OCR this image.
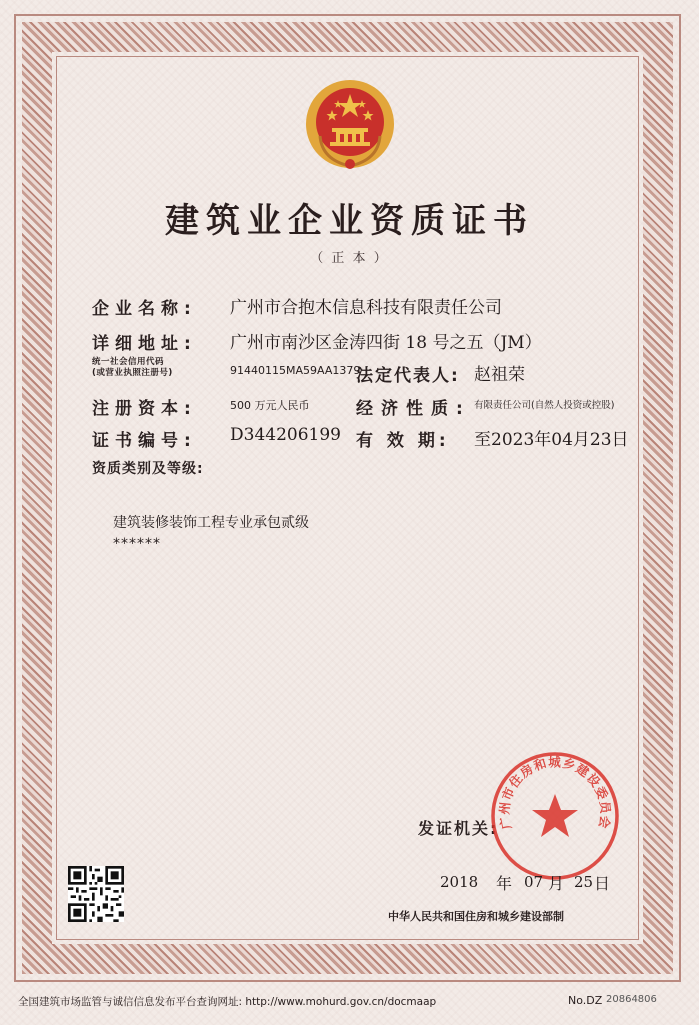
建筑业企业资质证书
（ 正 本 ）
企业名称: 广州市合抱木信息科技有限责任公司
详细地址: 广州市南沙区金涛四街 18 号之五（JM）
统一社会信用代码
(或营业执照注册号)	91440115MA59AA1379
法定代表人: 赵祖荣
注册资本:	500 万元人民币	经济性质: 有限责任公司(自然人投资或控股)
证书编号: D344206199 有 效 期: 至2023年04月23日
资质类别及等级:
建筑装修装饰工程专业承包贰级
******
发证机关:
广州市住房和城乡建设委员会
2018 年 07 月 25 日
中华人民共和国住房和城乡建设部制
全国建筑市场监管与诚信信息发布平台查询网址: http://www.mohurd.gov.cn/docmaap	No.DZ 20864806
